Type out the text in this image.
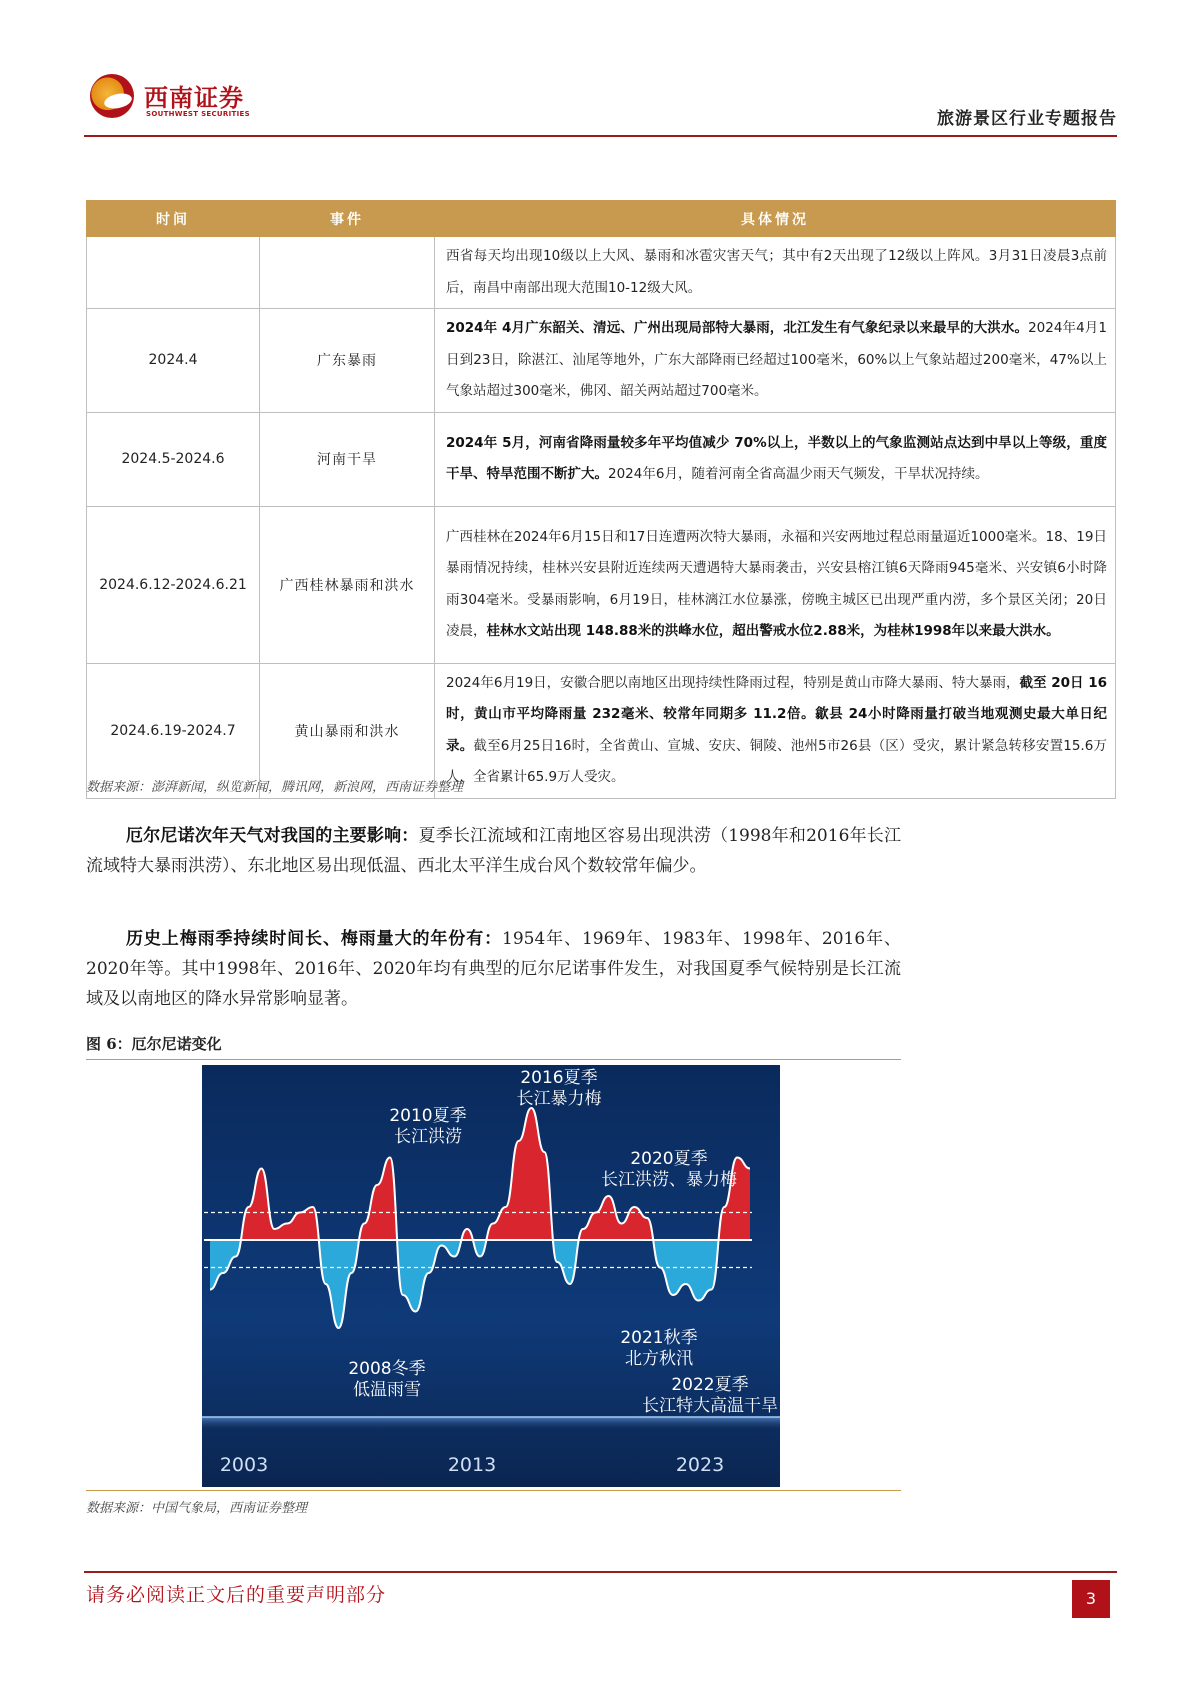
西南证券
SOUTHWEST SECURITIES	旅游景区行业专题报告
时间	事件	具体情况
		西省每天均出现10级以上大风、暴雨和冰雹灾害天气；其中有2天出现了12级以上阵风。3月31日凌晨3点前后，南昌中南部出现大范围10-12级大风。
2024.4	广东暴雨	2024年 4月广东韶关、清远、广州出现局部特大暴雨，北江发生有气象纪录以来最早的大洪水。2024年4月1日到23日，除湛江、汕尾等地外，广东大部降雨已经超过100毫米，60%以上气象站超过200毫米，47%以上气象站超过300毫米，佛冈、韶关两站超过700毫米。
2024.5-2024.6	河南干旱	2024年 5月，河南省降雨量较多年平均值减少 70%以上，半数以上的气象监测站点达到中旱以上等级，重度干旱、特旱范围不断扩大。2024年6月，随着河南全省高温少雨天气频发，干旱状况持续。
2024.6.12-2024.6.21	广西桂林暴雨和洪水	广西桂林在2024年6月15日和17日连遭两次特大暴雨，永福和兴安两地过程总雨量逼近1000毫米。18、19日暴雨情况持续，桂林兴安县附近连续两天遭遇特大暴雨袭击，兴安县榕江镇6天降雨945毫米、兴安镇6小时降雨304毫米。受暴雨影响，6月19日，桂林漓江水位暴涨，傍晚主城区已出现严重内涝，多个景区关闭；20日凌晨，桂林水文站出现 148.88米的洪峰水位，超出警戒水位2.88米，为桂林1998年以来最大洪水。
2024.6.19-2024.7	黄山暴雨和洪水	2024年6月19日，安徽合肥以南地区出现持续性降雨过程，特别是黄山市降大暴雨、特大暴雨，截至 20日 16时，黄山市平均降雨量 232毫米、较常年同期多 11.2倍。歙县 24小时降雨量打破当地观测史最大单日纪录。截至6月25日16时，全省黄山、宣城、安庆、铜陵、池州5市26县（区）受灾，累计紧急转移安置15.6万人，全省累计65.9万人受灾。
数据来源：澎湃新闻，纵览新闻，腾讯网，新浪网，西南证券整理
厄尔尼诺次年天气对我国的主要影响：夏季长江流域和江南地区容易出现洪涝（1998年和2016年长江流域特大暴雨洪涝）、东北地区易出现低温、西北太平洋生成台风个数较常年偏少。
历史上梅雨季持续时间长、梅雨量大的年份有：1954年、1969年、1983年、1998年、2016年、2020年等。其中1998年、2016年、2020年均有典型的厄尔尼诺事件发生，对我国夏季气候特别是长江流域及以南地区的降水异常影响显著。
图 6：厄尔尼诺变化
2016夏季
长江暴力梅
2010夏季
长江洪涝
2020夏季
长江洪涝、暴力梅
2008冬季
低温雨雪
2021秋季
北方秋汛
2022夏季
长江特大高温干旱
2003	2013	2023
数据来源：中国气象局，西南证券整理
请务必阅读正文后的重要声明部分	3
